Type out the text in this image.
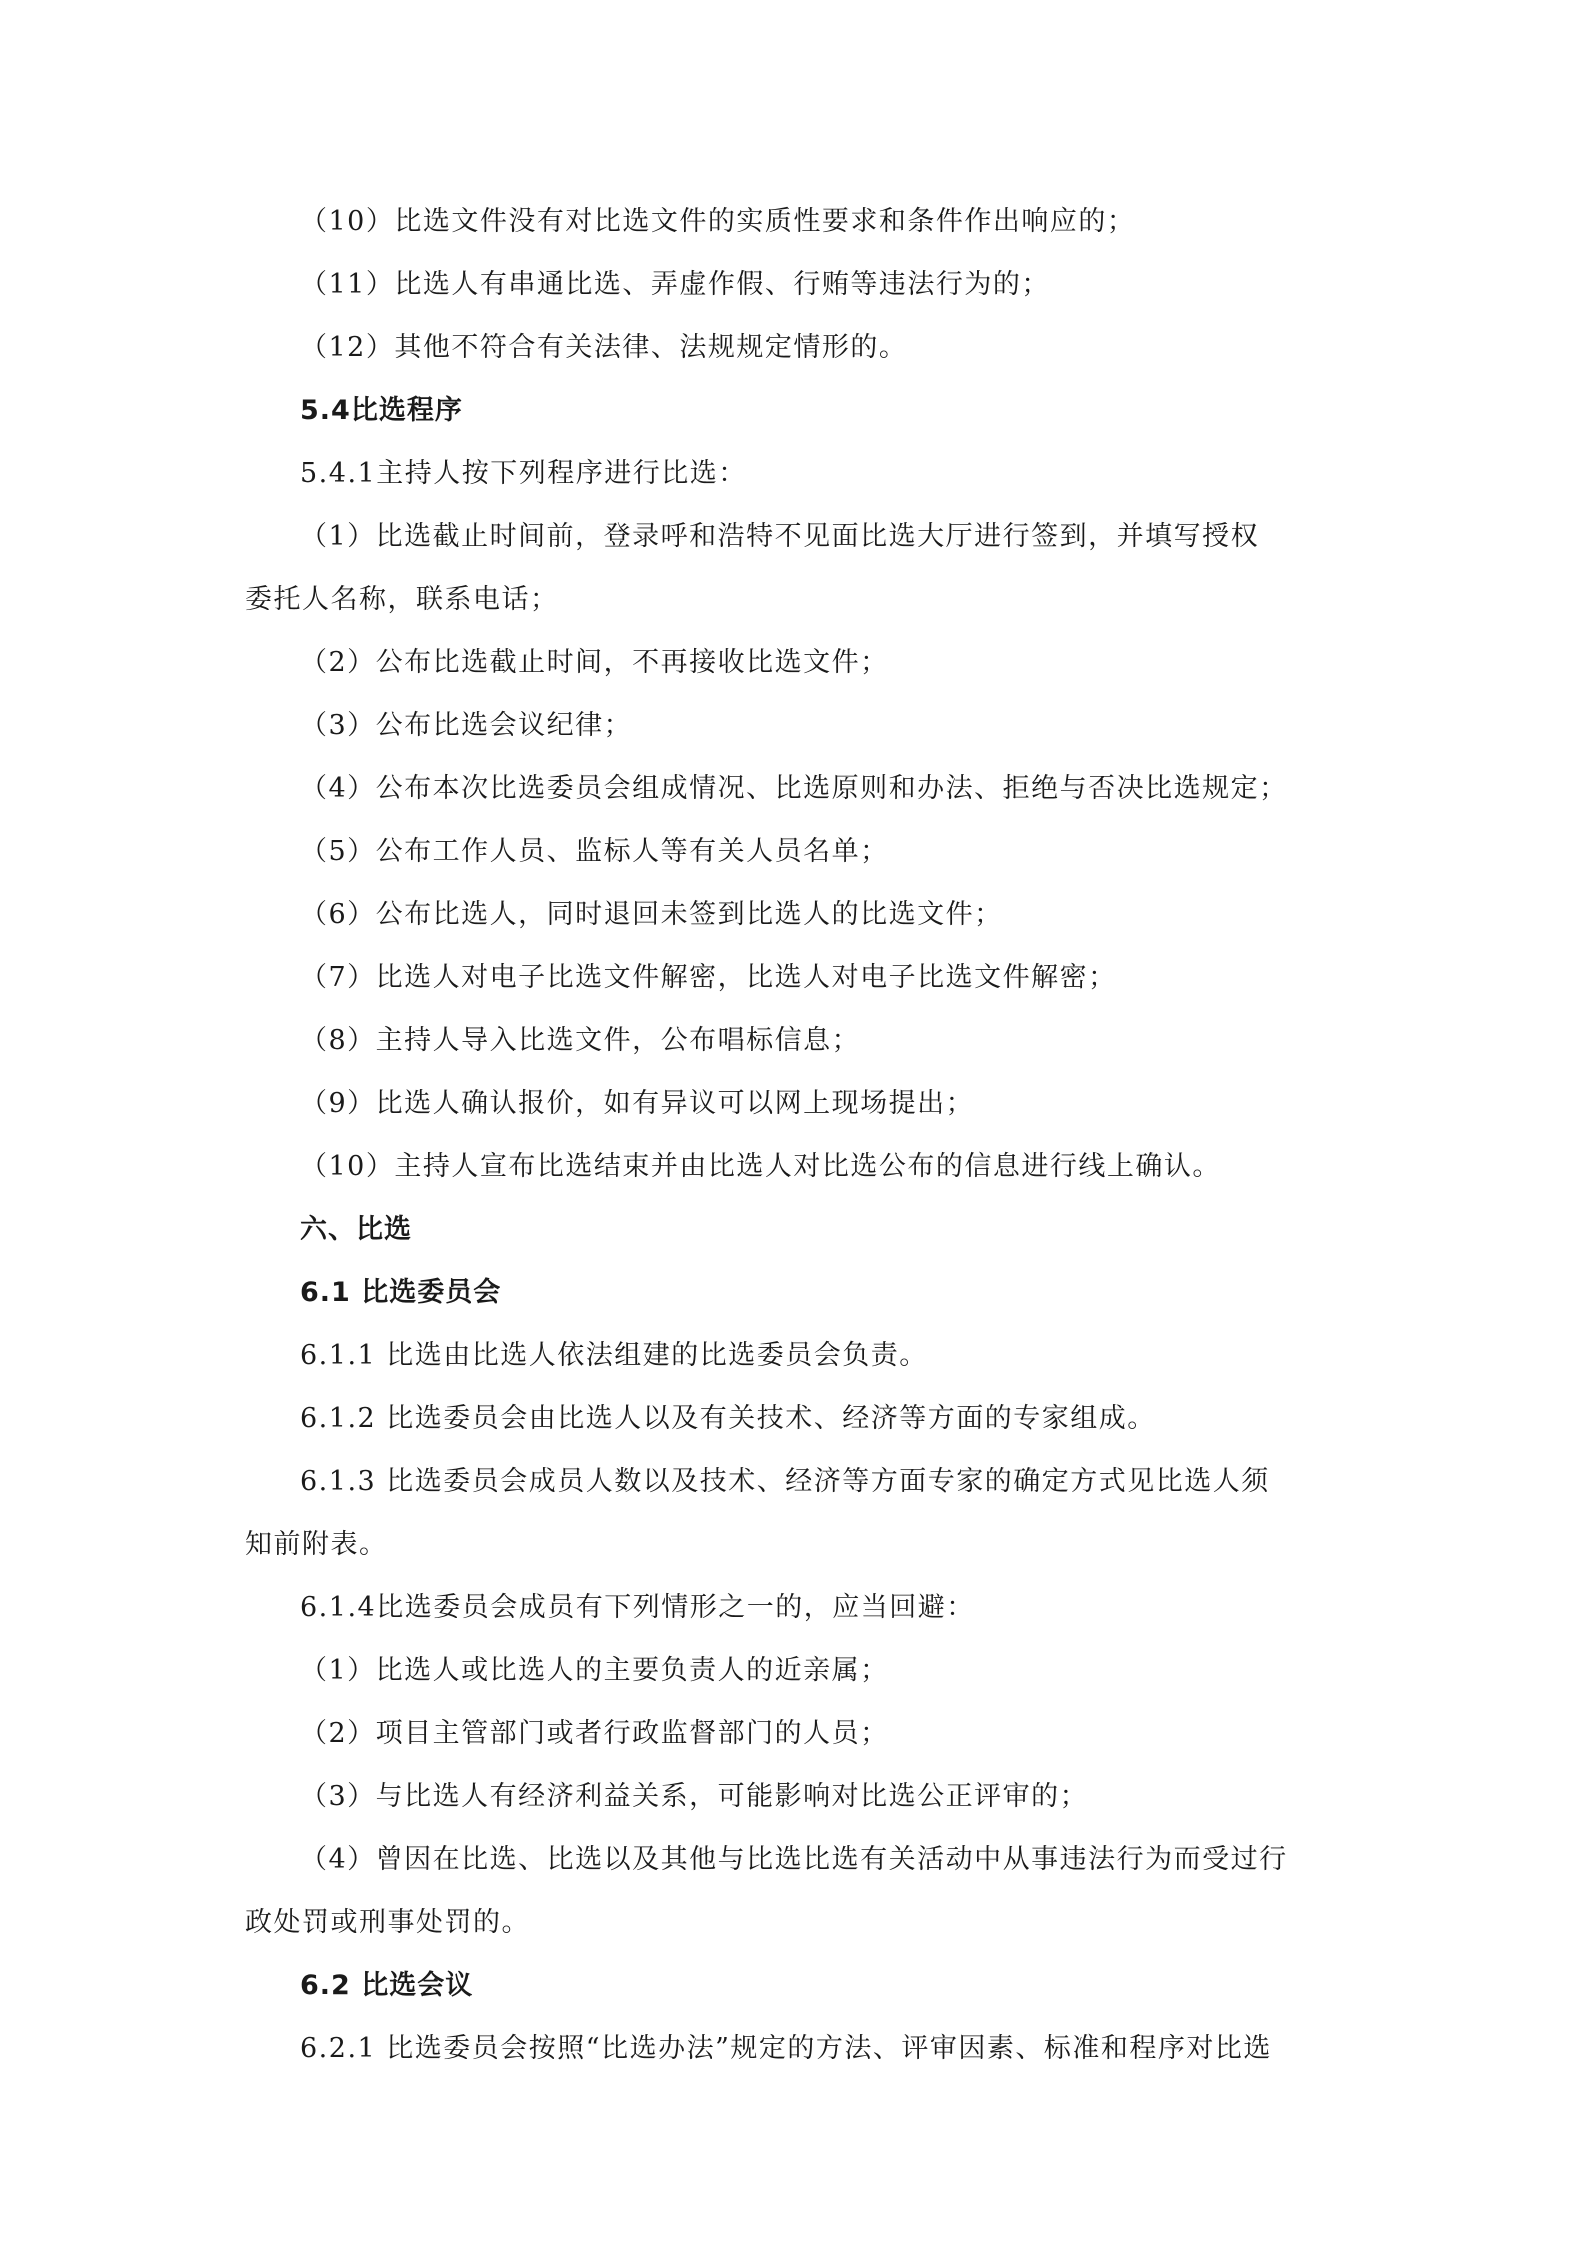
（10）比选文件没有对比选文件的实质性要求和条件作出响应的；
（11）比选人有串通比选、弄虚作假、行贿等违法行为的；
（12）其他不符合有关法律、法规规定情形的。
5.4比选程序
5.4.1主持人按下列程序进行比选：
（1）比选截止时间前，登录呼和浩特不见面比选大厅进行签到，并填写授权
委托人名称，联系电话；
（2）公布比选截止时间，不再接收比选文件；
（3）公布比选会议纪律；
（4）公布本次比选委员会组成情况、比选原则和办法、拒绝与否决比选规定；
（5）公布工作人员、监标人等有关人员名单；
（6）公布比选人，同时退回未签到比选人的比选文件；
（7）比选人对电子比选文件解密，比选人对电子比选文件解密；
（8）主持人导入比选文件，公布唱标信息；
（9）比选人确认报价，如有异议可以网上现场提出；
（10）主持人宣布比选结束并由比选人对比选公布的信息进行线上确认。
六、比选
6.1 比选委员会
6.1.1 比选由比选人依法组建的比选委员会负责。
6.1.2 比选委员会由比选人以及有关技术、经济等方面的专家组成。
6.1.3 比选委员会成员人数以及技术、经济等方面专家的确定方式见比选人须
知前附表。
6.1.4比选委员会成员有下列情形之一的，应当回避：
（1）比选人或比选人的主要负责人的近亲属；
（2）项目主管部门或者行政监督部门的人员；
（3）与比选人有经济利益关系，可能影响对比选公正评审的；
（4）曾因在比选、比选以及其他与比选比选有关活动中从事违法行为而受过行
政处罚或刑事处罚的。
6.2 比选会议
6.2.1 比选委员会按照“比选办法”规定的方法、评审因素、标准和程序对比选
